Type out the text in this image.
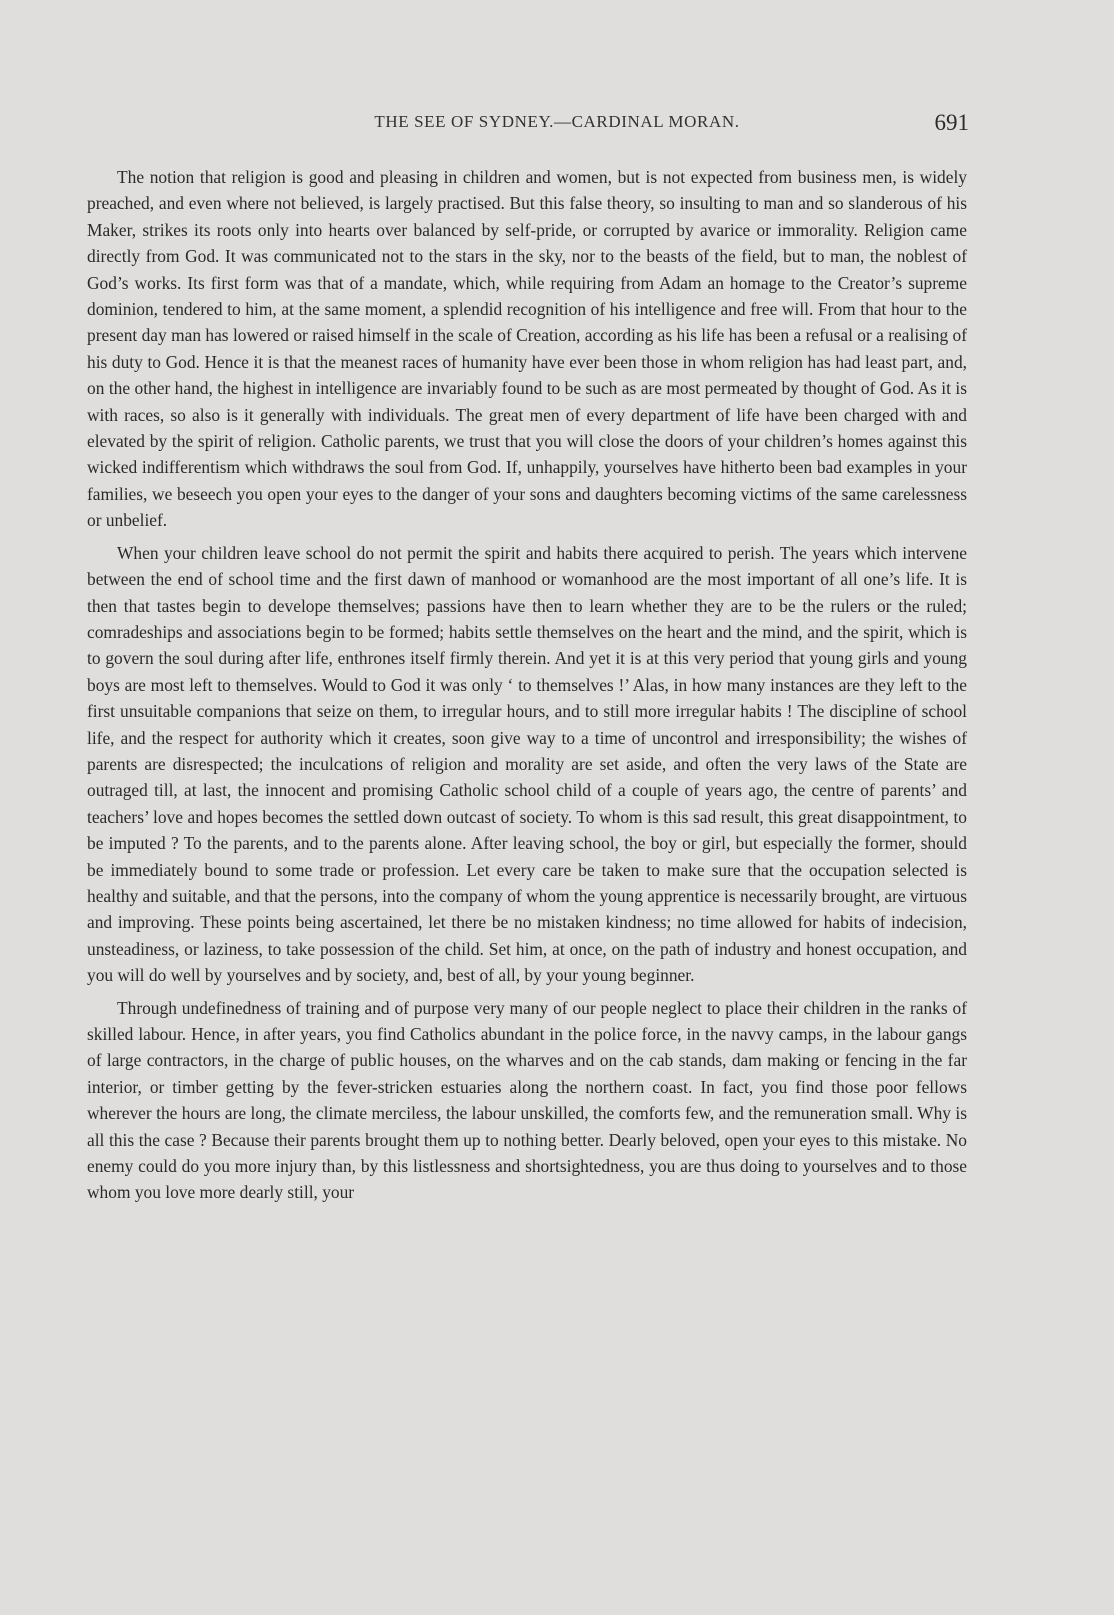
THE SEE OF SYDNEY.—CARDINAL MORAN.	691

The notion that religion is good and pleasing in children and women, but is not expected from business men, is widely preached, and even where not believed, is largely practised. But this false theory, so insulting to man and so slanderous of his Maker, strikes its roots only into hearts over balanced by self-pride, or corrupted by avarice or immorality. Religion came directly from God. It was communicated not to the stars in the sky, nor to the beasts of the field, but to man, the noblest of God’s works. Its first form was that of a mandate, which, while requiring from Adam an homage to the Creator’s supreme dominion, tendered to him, at the same moment, a splendid recognition of his intelligence and free will. From that hour to the present day man has lowered or raised himself in the scale of Creation, according as his life has been a refusal or a realising of his duty to God. Hence it is that the meanest races of humanity have ever been those in whom religion has had least part, and, on the other hand, the highest in intelligence are invariably found to be such as are most permeated by thought of God. As it is with races, so also is it generally with individuals. The great men of every department of life have been charged with and elevated by the spirit of religion. Catholic parents, we trust that you will close the doors of your children’s homes against this wicked indifferentism which withdraws the soul from God. If, unhappily, yourselves have hitherto been bad examples in your families, we beseech you open your eyes to the danger of your sons and daughters becoming victims of the same carelessness or unbelief.

When your children leave school do not permit the spirit and habits there acquired to perish. The years which intervene between the end of school time and the first dawn of manhood or womanhood are the most important of all one’s life. It is then that tastes begin to develope themselves; passions have then to learn whether they are to be the rulers or the ruled; comradeships and associations begin to be formed; habits settle themselves on the heart and the mind, and the spirit, which is to govern the soul during after life, enthrones itself firmly therein. And yet it is at this very period that young girls and young boys are most left to themselves. Would to God it was only ‘ to themselves !’ Alas, in how many instances are they left to the first unsuitable companions that seize on them, to irregular hours, and to still more irregular habits ! The discipline of school life, and the respect for authority which it creates, soon give way to a time of uncontrol and irresponsibility; the wishes of parents are disrespected; the inculcations of religion and morality are set aside, and often the very laws of the State are outraged till, at last, the innocent and promising Catholic school child of a couple of years ago, the centre of parents’ and teachers’ love and hopes becomes the settled down outcast of society. To whom is this sad result, this great disappointment, to be imputed ? To the parents, and to the parents alone. After leaving school, the boy or girl, but especially the former, should be immediately bound to some trade or profession. Let every care be taken to make sure that the occupation selected is healthy and suitable, and that the persons, into the company of whom the young apprentice is necessarily brought, are virtuous and improving. These points being ascertained, let there be no mistaken kindness; no time allowed for habits of indecision, unsteadiness, or laziness, to take possession of the child. Set him, at once, on the path of industry and honest occupation, and you will do well by yourselves and by society, and, best of all, by your young beginner.

Through undefinedness of training and of purpose very many of our people neglect to place their children in the ranks of skilled labour. Hence, in after years, you find Catholics abundant in the police force, in the navvy camps, in the labour gangs of large contractors, in the charge of public houses, on the wharves and on the cab stands, dam making or fencing in the far interior, or timber getting by the fever-stricken estuaries along the northern coast. In fact, you find those poor fellows wherever the hours are long, the climate merciless, the labour unskilled, the comforts few, and the remuneration small. Why is all this the case ? Because their parents brought them up to nothing better. Dearly beloved, open your eyes to this mistake. No enemy could do you more injury than, by this listlessness and shortsightedness, you are thus doing to yourselves and to those whom you love more dearly still, your
